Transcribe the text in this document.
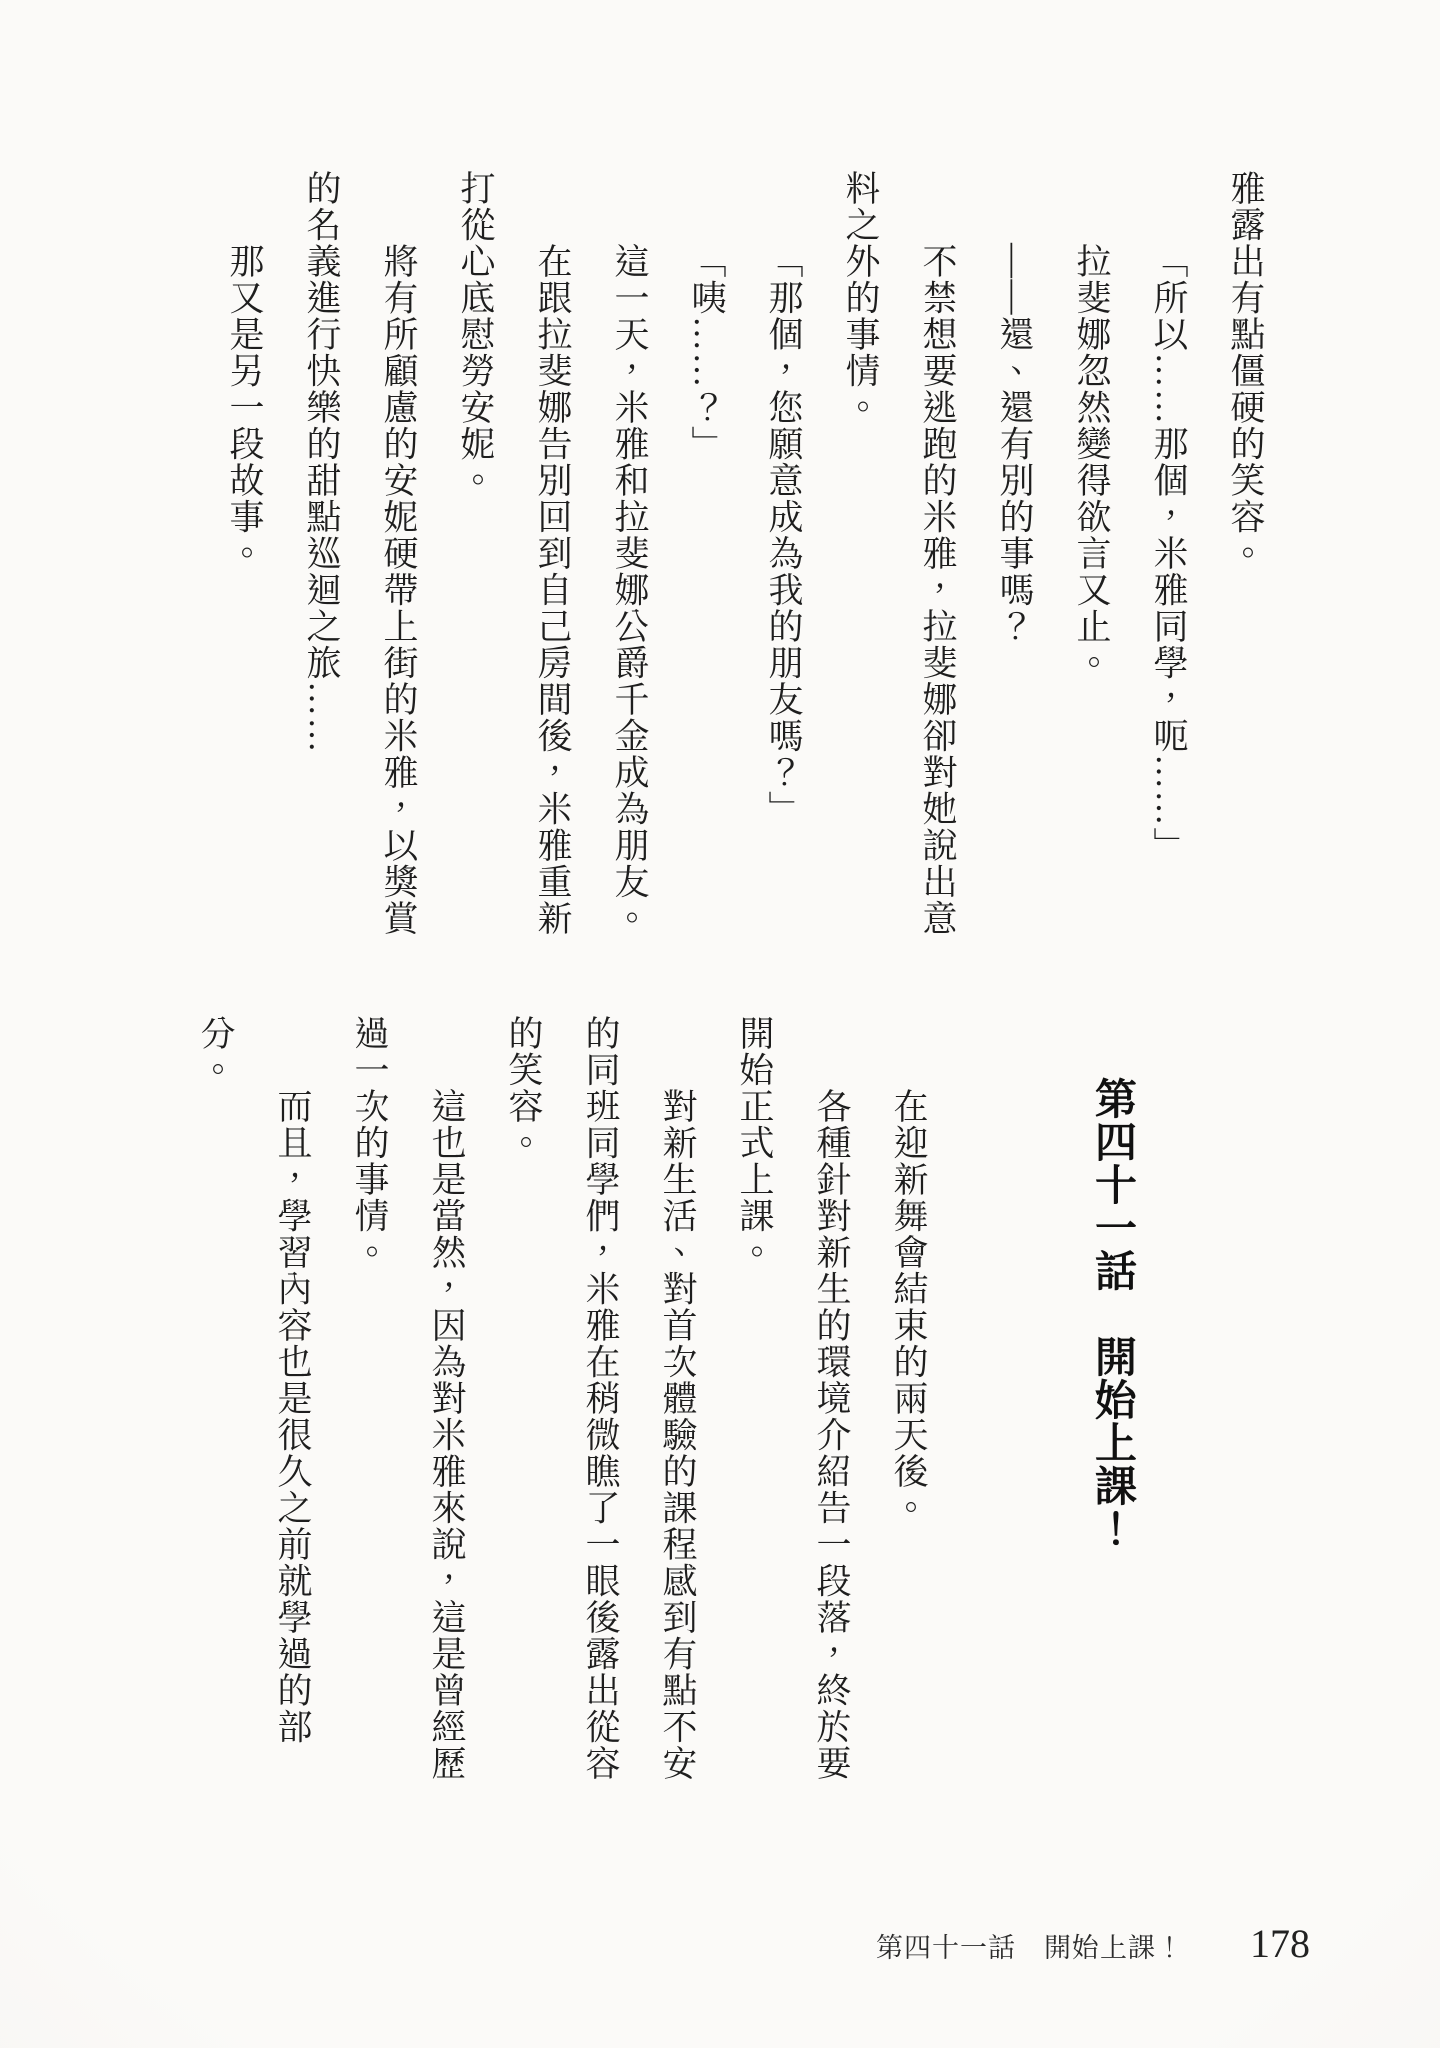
雅露出有點僵硬的笑容。
「所以……那個，米雅同學，呃……」
拉斐娜忽然變得欲言又止。
——還、還有別的事嗎？
不禁想要逃跑的米雅，拉斐娜卻對她說出意
料之外的事情。
「那個，您願意成為我的朋友嗎？」
「咦……？」
這一天，米雅和拉斐娜公爵千金成為朋友。
在跟拉斐娜告別回到自己房間後，米雅重新
打從心底慰勞安妮。
將有所顧慮的安妮硬帶上街的米雅，以獎賞
的名義進行快樂的甜點巡迴之旅……
那又是另一段故事。
第四十一話　開始上課！
在迎新舞會結束的兩天後。
各種針對新生的環境介紹告一段落，終於要
開始正式上課。
對新生活、對首次體驗的課程感到有點不安
的同班同學們，米雅在稍微瞧了一眼後露出從容
的笑容。
這也是當然，因為對米雅來說，這是曾經歷
過一次的事情。
而且，學習內容也是很久之前就學過的部
分。
第四十一話　開始上課！ 178
